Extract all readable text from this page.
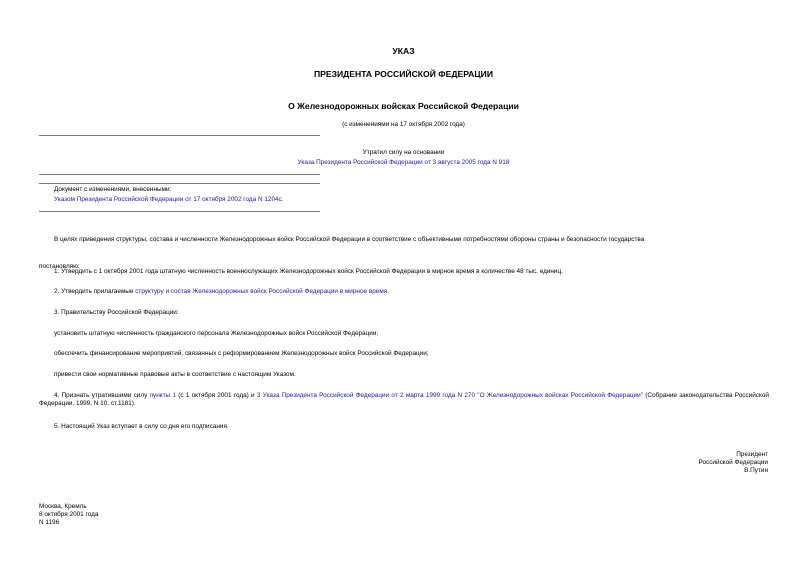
УКАЗ
ПРЕЗИДЕНТА РОССИЙСКОЙ ФЕДЕРАЦИИ
О Железнодорожных войсках Российской Федерации
(с изменениями на 17 октября 2002 года)
Утратил силу на основании
Указа Президента Российской Федерации от 3 августа 2005 года N 918
Документ с изменениями, внесенными:
Указом Президента Российской Федерации от 17 октября 2002 года N 1204с.
В целях приведения структуры, состава и численности Железнодорожных войск Российской Федерации в соответствие с объективными потребностями обороны страны и безопасности государства
постановляю:
1. Утвердить с 1 октября 2001 года штатную численность военнослужащих Железнодорожных войск Российской Федерации в мирное время в количестве 48 тыс. единиц.
2. Утвердить прилагаемые структуру и состав Железнодорожных войск Российской Федерации в мирное время.
3. Правительству Российской Федерации:
установить штатную численность гражданского персонала Железнодорожных войск Российской Федерации;
обеспечить финансирование мероприятий, связанных с реформированием Железнодорожных войск Российской Федерации;
привести свои нормативные правовые акты в соответствие с настоящим Указом.
4. Признать утратившими силу пункты 1 (с 1 октября 2001 года) и 3 Указа Президента Российской Федерации от 2 марта 1999 года N 270 "О Железнодорожных войсках Российской Федерации" (Собрание законодательства Российской Федерации, 1999, N 10, ст.1181).
5. Настоящий Указ вступает в силу со дня его подписания.
Президент
Российской Федерации
В.Путин
Москва, Кремль
8 октября 2001 года
N 1196
